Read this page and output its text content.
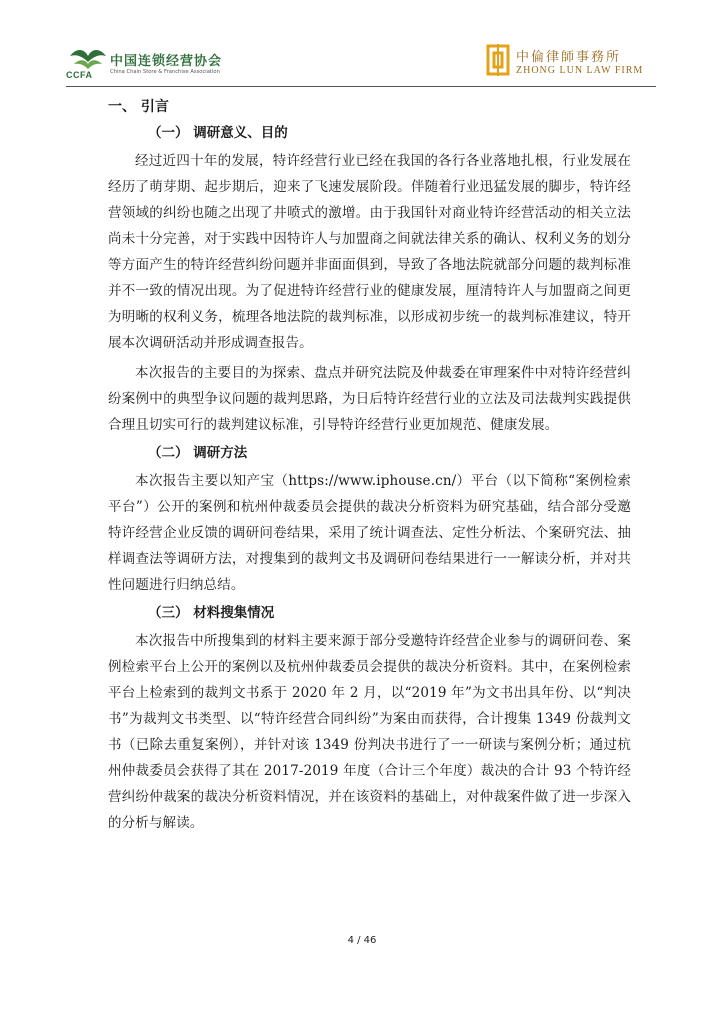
CCFA
中国连锁经营协会
China Chain Store & Franchise Association
中倫律師事務所
ZHONG LUN LAW FIRM
一、 引言
（一） 调研意义、目的

经过近四十年的发展，特许经营行业已经在我国的各行各业落地扎根，行业发展在经历了萌芽期、起步期后，迎来了飞速发展阶段。伴随着行业迅猛发展的脚步，特许经营领域的纠纷也随之出现了井喷式的激增。由于我国针对商业特许经营活动的相关立法尚未十分完善，对于实践中因特许人与加盟商之间就法律关系的确认、权利义务的划分等方面产生的特许经营纠纷问题并非面面俱到，导致了各地法院就部分问题的裁判标准并不一致的情况出现。为了促进特许经营行业的健康发展，厘清特许人与加盟商之间更为明晰的权利义务，梳理各地法院的裁判标准，以形成初步统一的裁判标准建议，特开展本次调研活动并形成调查报告。

本次报告的主要目的为探索、盘点并研究法院及仲裁委在审理案件中对特许经营纠纷案例中的典型争议问题的裁判思路，为日后特许经营行业的立法及司法裁判实践提供合理且切实可行的裁判建议标准，引导特许经营行业更加规范、健康发展。

（二） 调研方法

本次报告主要以知产宝（https://www.iphouse.cn/）平台（以下简称“案例检索平台”）公开的案例和杭州仲裁委员会提供的裁决分析资料为研究基础，结合部分受邀特许经营企业反馈的调研问卷结果，采用了统计调查法、定性分析法、个案研究法、抽样调查法等调研方法，对搜集到的裁判文书及调研问卷结果进行一一解读分析，并对共性问题进行归纳总结。

（三） 材料搜集情况

本次报告中所搜集到的材料主要来源于部分受邀特许经营企业参与的调研问卷、案例检索平台上公开的案例以及杭州仲裁委员会提供的裁决分析资料。其中，在案例检索平台上检索到的裁判文书系于 2020 年 2 月，以“2019 年”为文书出具年份、以“判决书”为裁判文书类型、以“特许经营合同纠纷”为案由而获得，合计搜集 1349 份裁判文书（已除去重复案例），并针对该 1349 份判决书进行了一一研读与案例分析；通过杭州仲裁委员会获得了其在 2017-2019 年度（合计三个年度）裁决的合计 93 个特许经营纠纷仲裁案的裁决分析资料情况，并在该资料的基础上，对仲裁案件做了进一步深入的分析与解读。

4 / 46
